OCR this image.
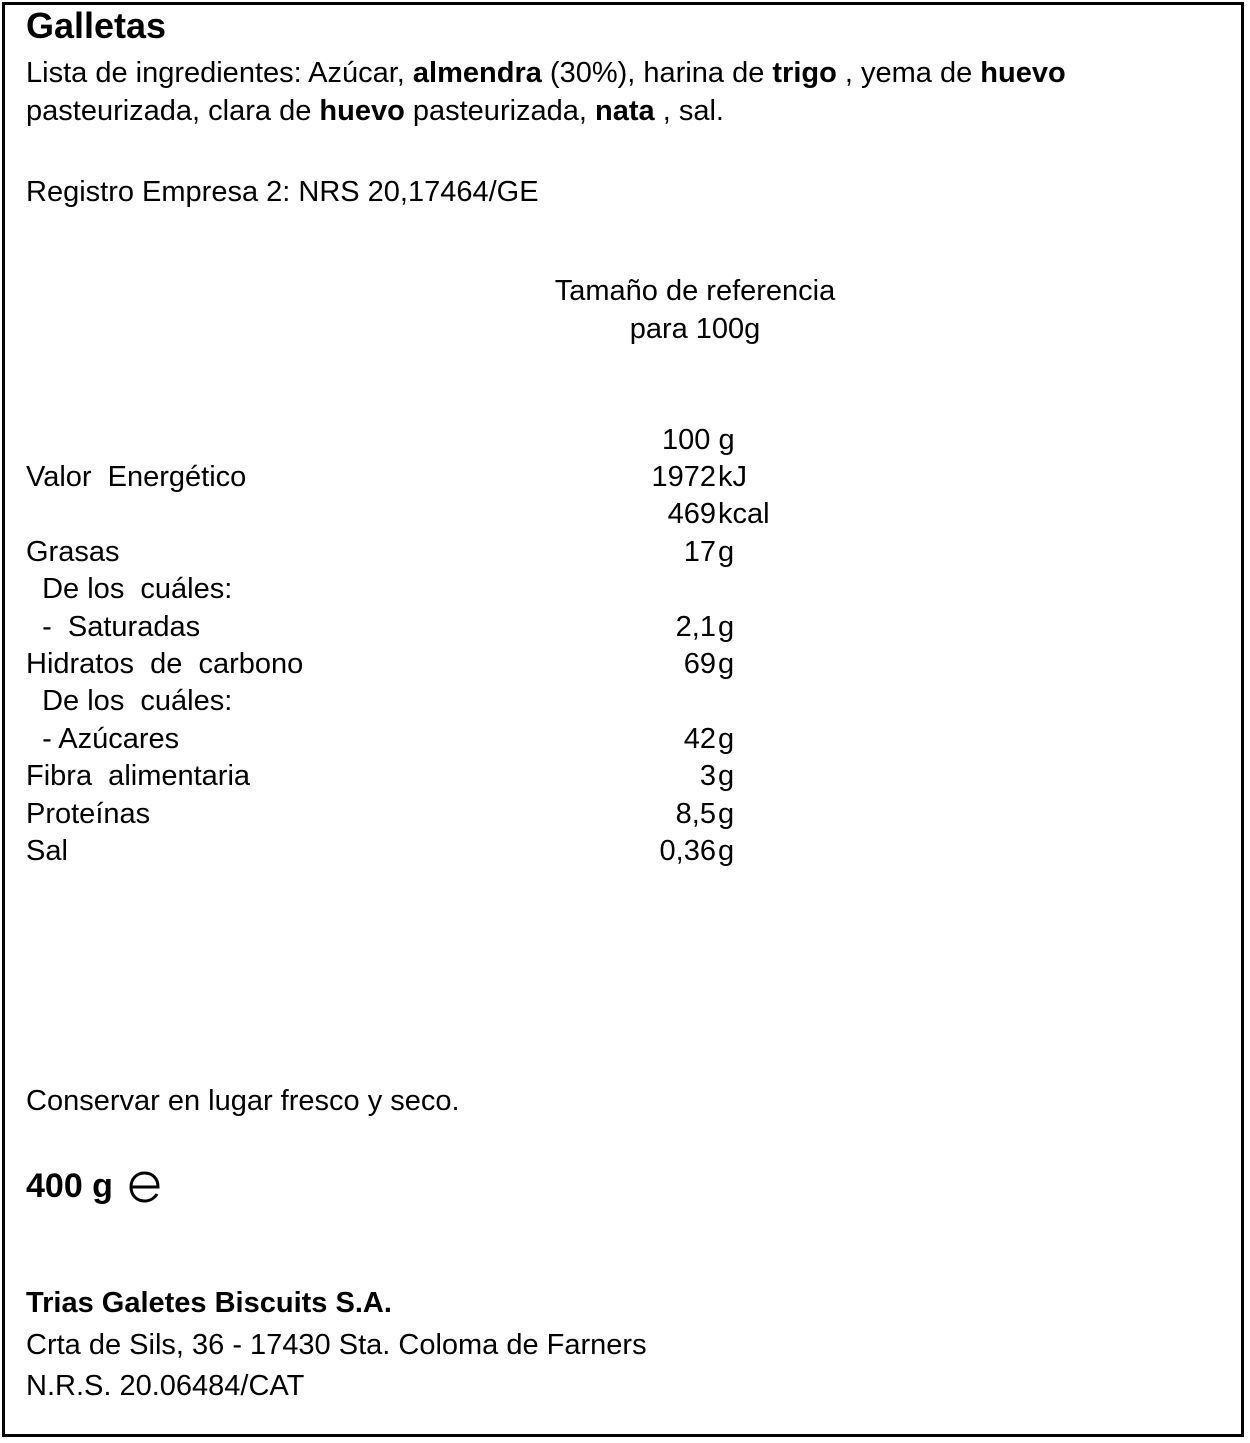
Galletas
Lista de ingredientes: Azúcar, almendra (30%), harina de trigo , yema de huevo
pasteurizada, clara de huevo pasteurizada, nata , sal.
Registro Empresa 2: NRS 20,17464/GE
Tamaño de referencia
para 100g
100 g
Valor  Energético	1972 kJ
469 kcal
Grasas	17 g
De los  cuáles:
-  Saturadas	2,1 g
Hidratos  de  carbono	69 g
De los  cuáles:
- Azúcares	42 g
Fibra  alimentaria	3 g
Proteínas	8,5 g
Sal	0,36 g
Conservar en lugar fresco y seco.
400 g
Trias Galetes Biscuits S.A.
Crta de Sils, 36 - 17430 Sta. Coloma de Farners
N.R.S. 20.06484/CAT
